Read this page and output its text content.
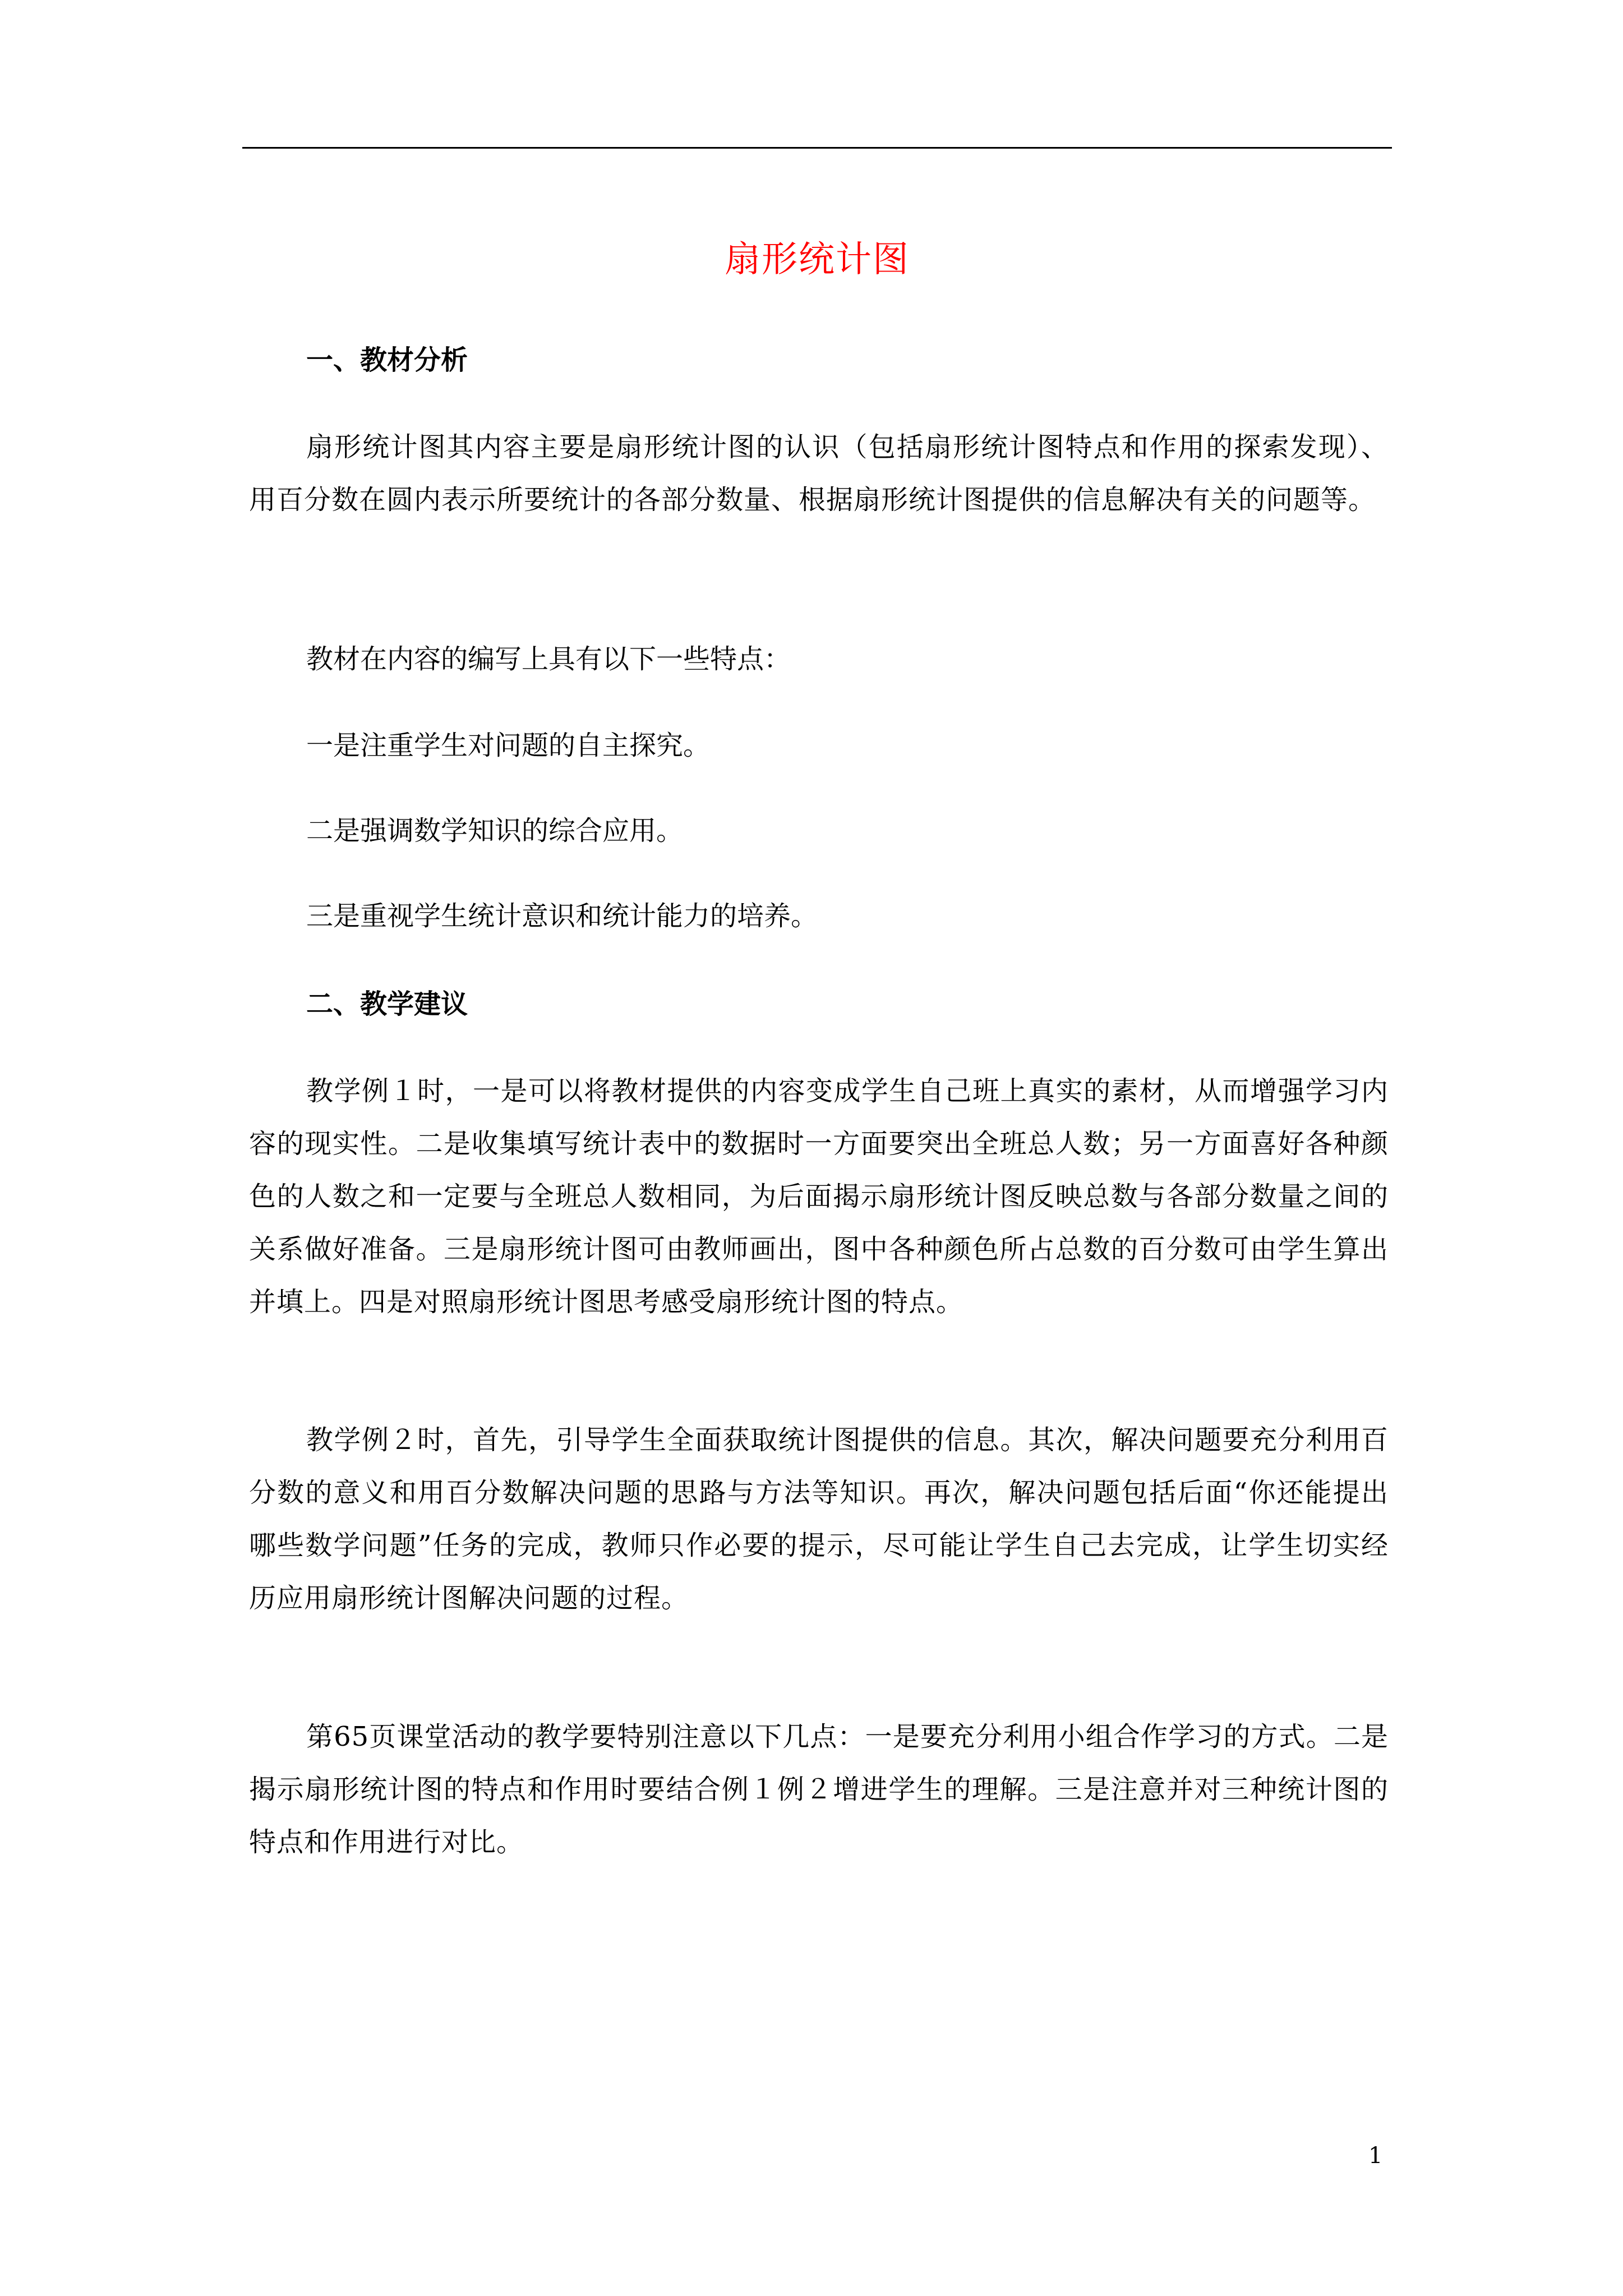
扇形统计图
一、教材分析
扇形统计图其内容主要是扇形统计图的认识（包括扇形统计图特点和作用的探索发现）、用百分数在圆内表示所要统计的各部分数量、根据扇形统计图提供的信息解决有关的问题等。
教材在内容的编写上具有以下一些特点：
一是注重学生对问题的自主探究。
二是强调数学知识的综合应用。
三是重视学生统计意识和统计能力的培养。
二、教学建议
教学例１时，一是可以将教材提供的内容变成学生自己班上真实的素材，从而增强学习内容的现实性。二是收集填写统计表中的数据时一方面要突出全班总人数；另一方面喜好各种颜色的人数之和一定要与全班总人数相同，为后面揭示扇形统计图反映总数与各部分数量之间的关系做好准备。三是扇形统计图可由教师画出，图中各种颜色所占总数的百分数可由学生算出并填上。四是对照扇形统计图思考感受扇形统计图的特点。
教学例２时，首先，引导学生全面获取统计图提供的信息。其次，解决问题要充分利用百分数的意义和用百分数解决问题的思路与方法等知识。再次，解决问题包括后面“你还能提出哪些数学问题”任务的完成，教师只作必要的提示，尽可能让学生自己去完成，让学生切实经历应用扇形统计图解决问题的过程。
第65页课堂活动的教学要特别注意以下几点：一是要充分利用小组合作学习的方式。二是揭示扇形统计图的特点和作用时要结合例１例２增进学生的理解。三是注意并对三种统计图的特点和作用进行对比。
1
